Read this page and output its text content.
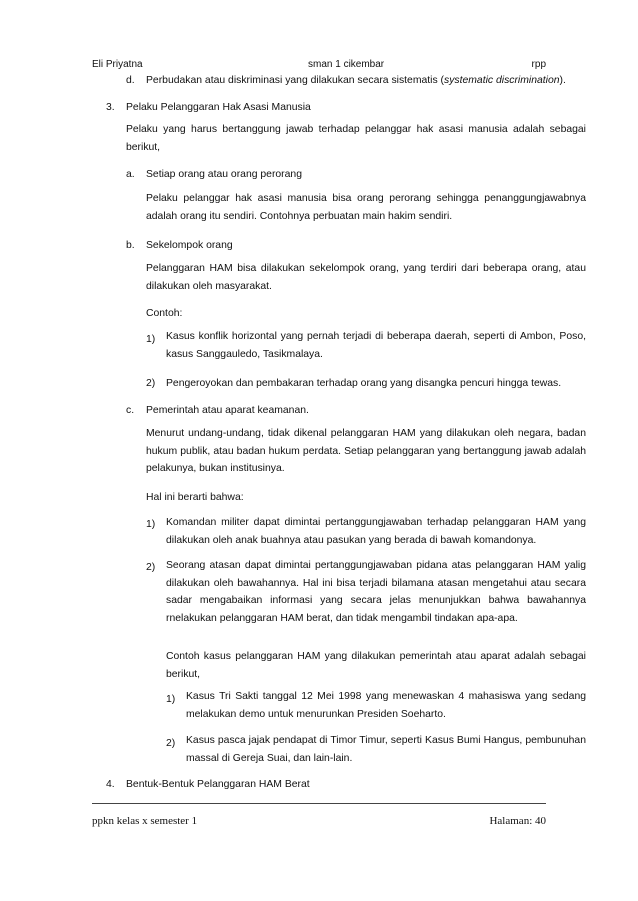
Eli Priyatna	sman 1 cikembar	rpp
d. Perbudakan atau diskriminasi yang dilakukan secara sistematis (systematic discrimination).
3. Pelaku Pelanggaran Hak Asasi Manusia
Pelaku yang harus bertanggung jawab terhadap pelanggar hak asasi manusia adalah sebagai berikut,
a. Setiap orang atau orang perorang
Pelaku pelanggar hak asasi manusia bisa orang perorang sehingga penanggungjawabnya adalah orang itu sendiri. Contohnya perbuatan main hakim sendiri.
b. Sekelompok orang
Pelanggaran HAM bisa dilakukan sekelompok orang, yang terdiri dari beberapa orang, atau dilakukan oleh masyarakat.
Contoh:
1) Kasus konflik horizontal yang pernah terjadi di beberapa daerah, seperti di Ambon, Poso, kasus Sanggauledo, Tasikmalaya.
2) Pengeroyokan dan pembakaran terhadap orang yang disangka pencuri hingga tewas.
c. Pemerintah atau aparat keamanan.
Menurut undang-undang, tidak dikenal pelanggaran HAM yang dilakukan oleh negara, badan hukum publik, atau badan hukum perdata. Setiap pelanggaran yang bertanggung jawab adalah pelakunya, bukan institusinya.
Hal ini berarti bahwa:
1) Komandan militer dapat dimintai pertanggungjawaban terhadap pelanggaran HAM yang dilakukan oleh anak buahnya atau pasukan yang berada di bawah komandonya.
2) Seorang atasan dapat dimintai pertanggungjawaban pidana atas pelanggaran HAM yalig dilakukan oleh bawahannya. Hal ini bisa terjadi bilamana atasan mengetahui atau secara sadar mengabaikan informasi yang secara jelas menunjukkan bahwa bawahannya rnelakukan pelanggaran HAM berat, dan tidak mengambil tindakan apa-apa.
Contoh kasus pelanggaran HAM yang dilakukan pemerintah atau aparat adalah sebagai berikut,
1) Kasus Tri Sakti tanggal 12 Mei 1998 yang menewaskan 4 mahasiswa yang sedang melakukan demo untuk menurunkan Presiden Soeharto.
2) Kasus pasca jajak pendapat di Timor Timur, seperti Kasus Bumi Hangus, pembunuhan massal di Gereja Suai, dan lain-lain.
4. Bentuk-Bentuk Pelanggaran HAM Berat
ppkn kelas x semester 1	Halaman: 40
